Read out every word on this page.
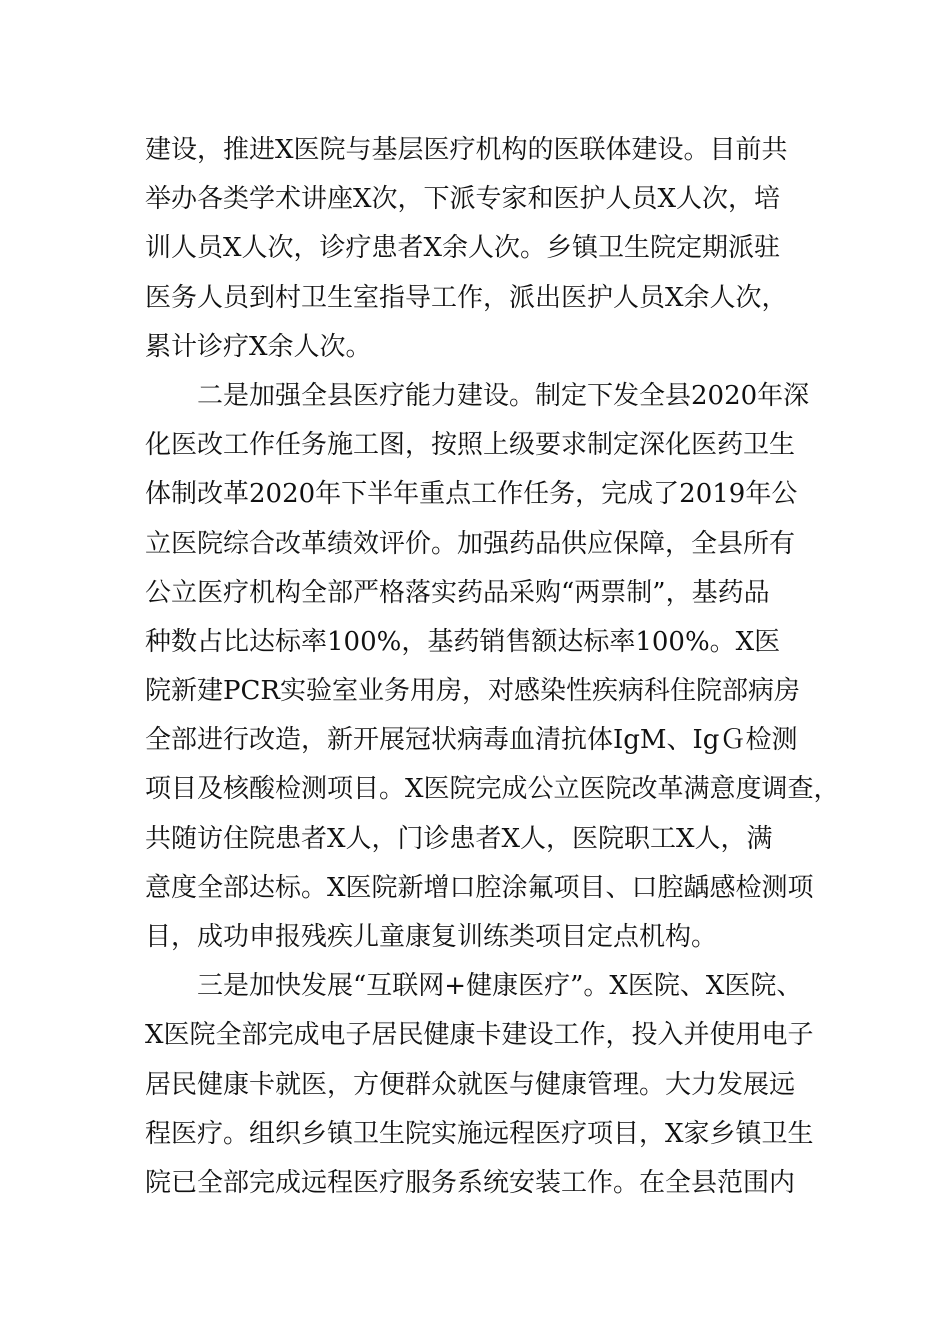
建设，推进X医院与基层医疗机构的医联体建设。目前共
举办各类学术讲座X次，下派专家和医护人员X人次，培
训人员X人次，诊疗患者X余人次。乡镇卫生院定期派驻
医务人员到村卫生室指导工作，派出医护人员X余人次，
累计诊疗X余人次。
　　二是加强全县医疗能力建设。制定下发全县2020年深
化医改工作任务施工图，按照上级要求制定深化医药卫生
体制改革2020年下半年重点工作任务，完成了2019年公
立医院综合改革绩效评价。加强药品供应保障，全县所有
公立医疗机构全部严格落实药品采购“两票制”，基药品
种数占比达标率100%，基药销售额达标率100%。X医
院新建PCR实验室业务用房，对感染性疾病科住院部病房
全部进行改造，新开展冠状病毒血清抗体IgM、IgＧ检测
项目及核酸检测项目。X医院完成公立医院改革满意度调查，
共随访住院患者X人，门诊患者X人，医院职工X人，满
意度全部达标。X医院新增口腔涂氟项目、口腔龋感检测项
目，成功申报残疾儿童康复训练类项目定点机构。
　　三是加快发展“互联网+健康医疗”。X医院、X医院、
X医院全部完成电子居民健康卡建设工作，投入并使用电子
居民健康卡就医，方便群众就医与健康管理。大力发展远
程医疗。组织乡镇卫生院实施远程医疗项目，X家乡镇卫生
院已全部完成远程医疗服务系统安装工作。在全县范围内
